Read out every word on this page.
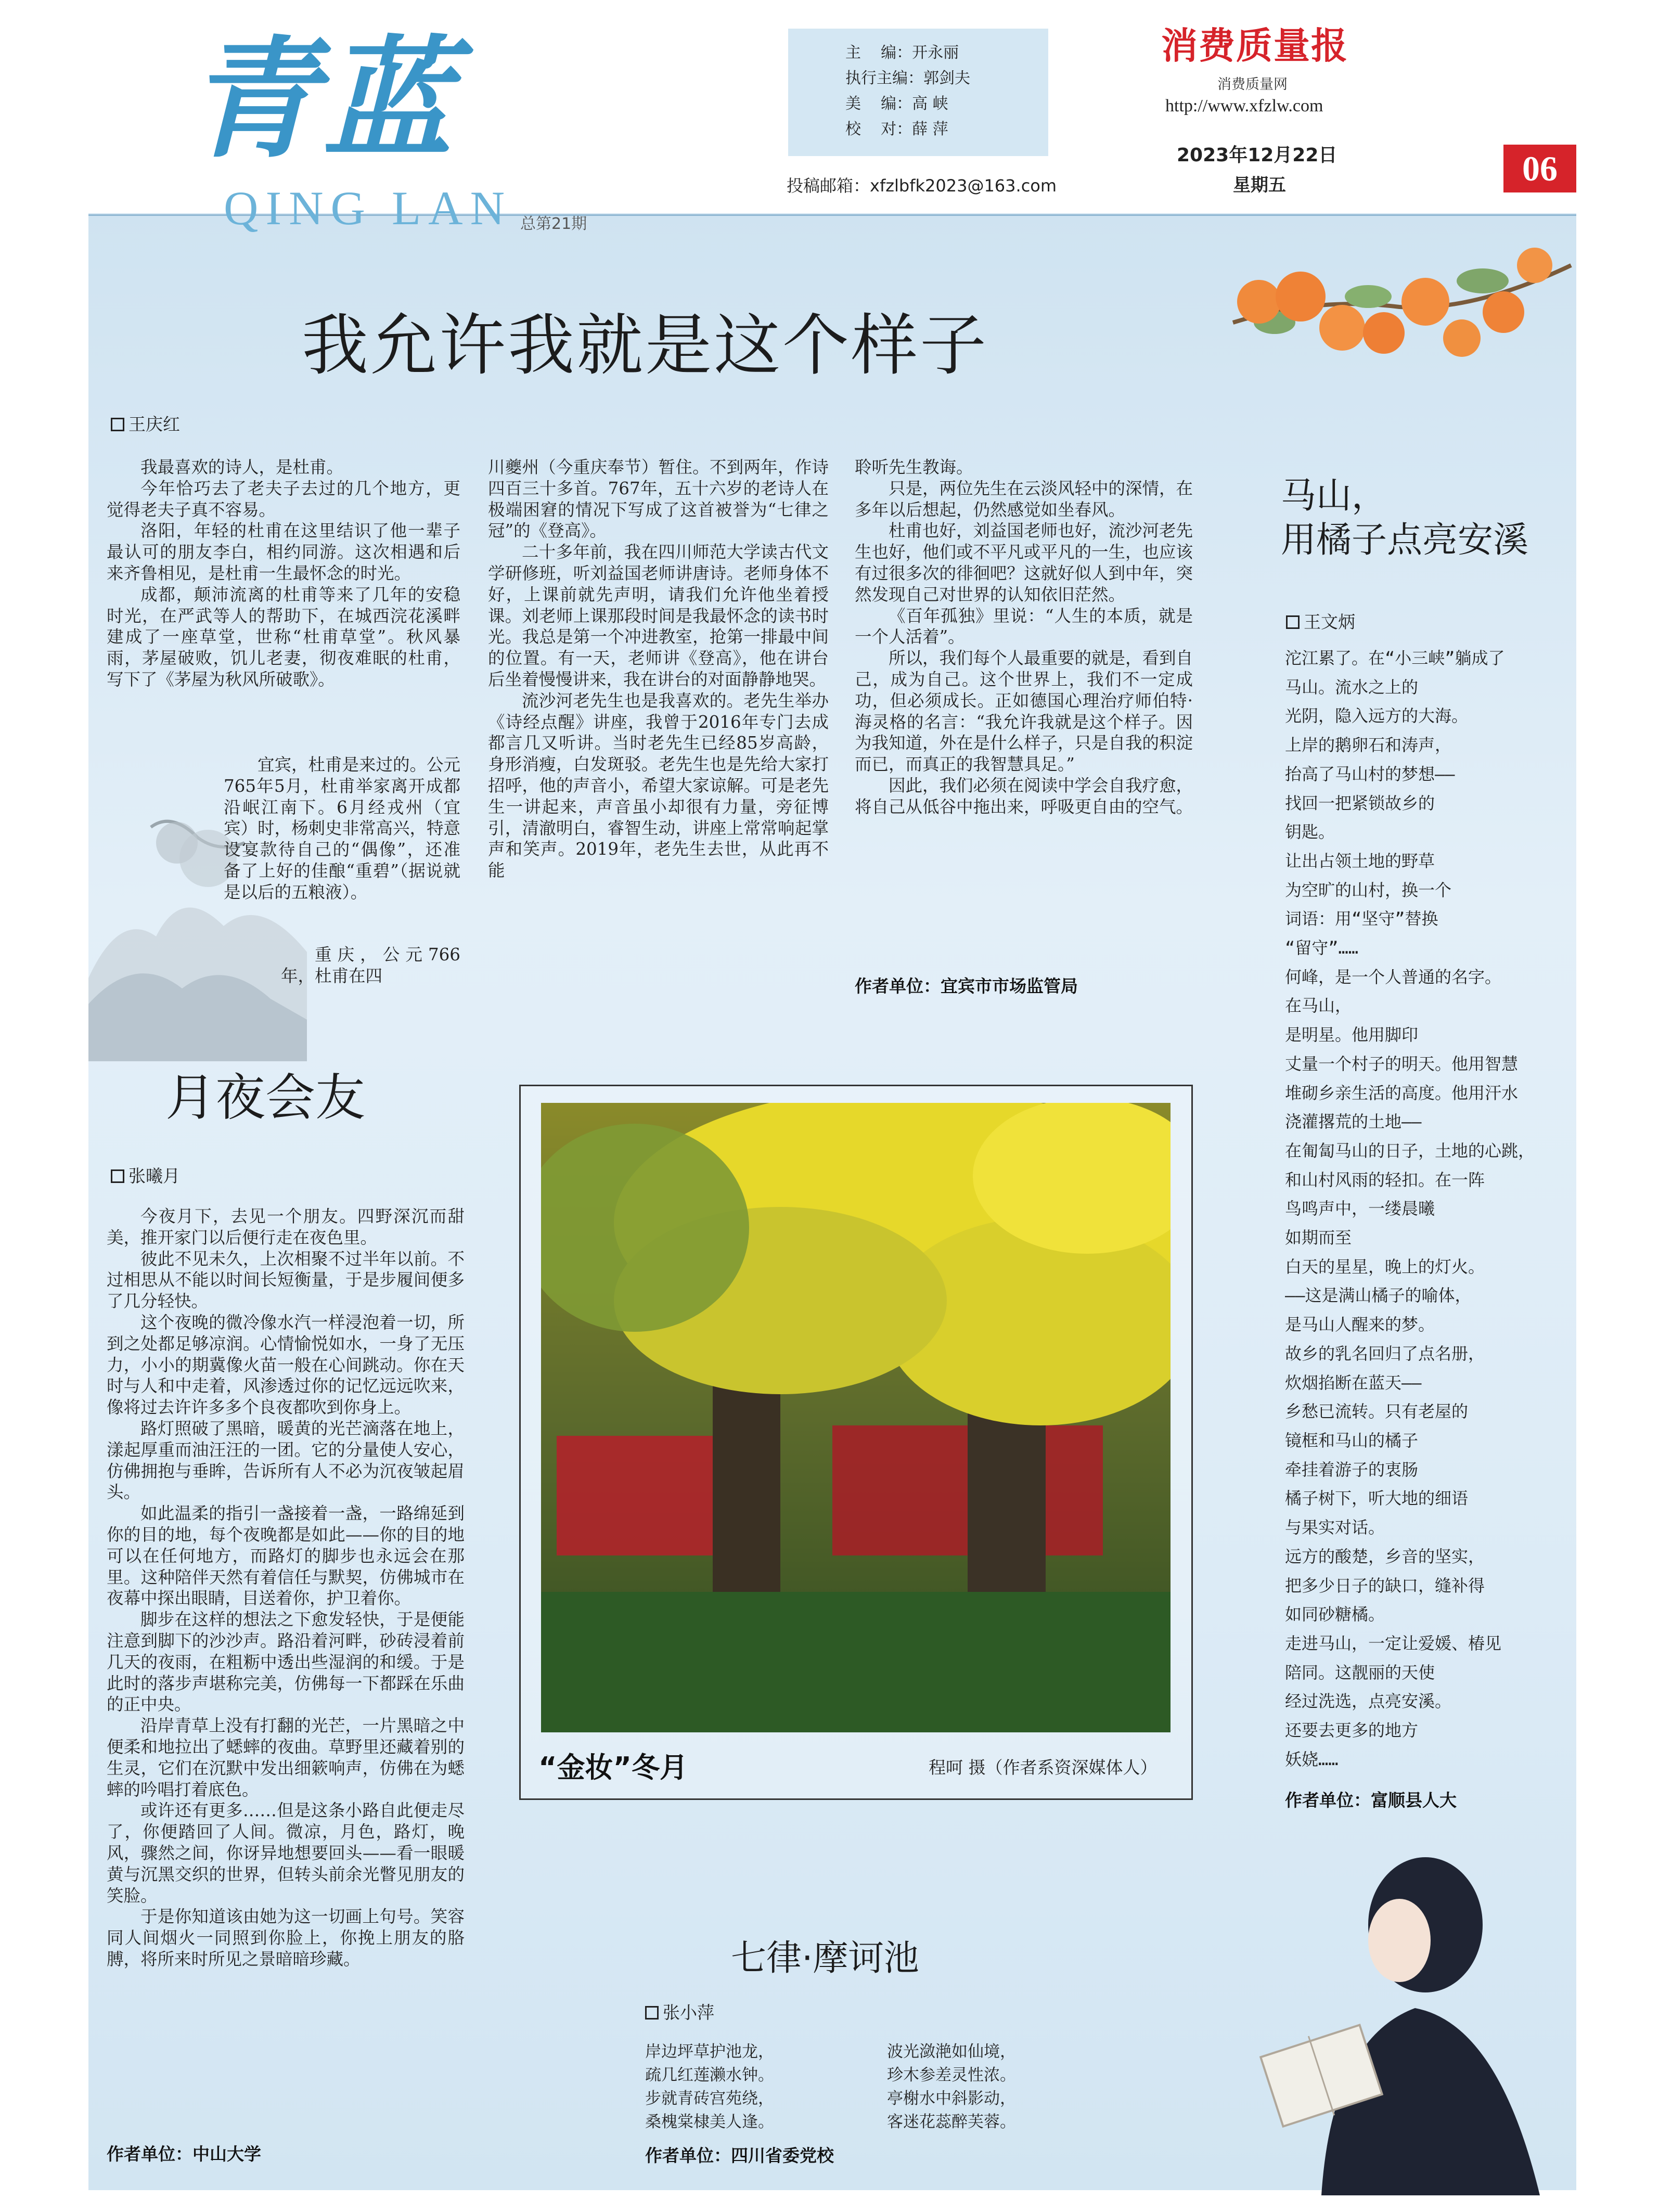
青蓝
QING LAN 总第21期
主    编：开永丽
执行主编：郭剑夫
美    编：高 峡
校    对：薛 萍
投稿邮箱：xfzlbfk2023@163.com
消费质量报
消费质量网
http://www.xfzlw.com
2023年12月22日
星期五	06
我允许我就是这个样子
王庆红

我最喜欢的诗人，是杜甫。

今年恰巧去了老夫子去过的几个地方，更觉得老夫子真不容易。

洛阳，年轻的杜甫在这里结识了他一辈子最认可的朋友李白，相约同游。这次相遇和后来齐鲁相见，是杜甫一生最怀念的时光。

成都，颠沛流离的杜甫等来了几年的安稳时光，在严武等人的帮助下，在城西浣花溪畔建成了一座草堂，世称“杜甫草堂”。秋风暴雨，茅屋破败，饥儿老妻，彻夜难眠的杜甫，写下了《茅屋为秋风所破歌》。

宜宾，杜甫是来过的。公元765年5月，杜甫举家离开成都沿岷江南下。6月经戎州（宜宾）时，杨刺史非常高兴，特意设宴款待自己的“偶像”，还准备了上好的佳酿“重碧”（据说就是以后的五粮液）。

重庆，公元766年，杜甫在四

川夔州（今重庆奉节）暂住。不到两年，作诗四百三十多首。767年，五十六岁的老诗人在极端困窘的情况下写成了这首被誉为“七律之冠”的《登高》。

二十多年前，我在四川师范大学读古代文学研修班，听刘益国老师讲唐诗。老师身体不好，上课前就先声明，请我们允许他坐着授课。刘老师上课那段时间是我最怀念的读书时光。我总是第一个冲进教室，抢第一排最中间的位置。有一天，老师讲《登高》，他在讲台后坐着慢慢讲来，我在讲台的对面静静地哭。

流沙河老先生也是我喜欢的。老先生举办《诗经点醒》讲座，我曾于2016年专门去成都言几又听讲。当时老先生已经85岁高龄，身形消瘦，白发斑驳。老先生也是先给大家打招呼，他的声音小，希望大家谅解。可是老先生一讲起来，声音虽小却很有力量，旁征博引，清澈明白，睿智生动，讲座上常常响起掌声和笑声。2019年，老先生去世，从此再不能

聆听先生教诲。

只是，两位先生在云淡风轻中的深情，在多年以后想起，仍然感觉如坐春风。

杜甫也好，刘益国老师也好，流沙河老先生也好，他们或不平凡或平凡的一生，也应该有过很多次的徘徊吧？这就好似人到中年，突然发现自己对世界的认知依旧茫然。

《百年孤独》里说：“人生的本质，就是一个人活着”。

所以，我们每个人最重要的就是，看到自己，成为自己。这个世界上，我们不一定成功，但必须成长。正如德国心理治疗师伯特·海灵格的名言：“我允许我就是这个样子。因为我知道，外在是什么样子，只是自我的积淀而已，而真正的我智慧具足。”

因此，我们必须在阅读中学会自我疗愈，将自己从低谷中拖出来，呼吸更自由的空气。

作者单位：宜宾市市场监管局
月夜会友
张曦月

今夜月下，去见一个朋友。四野深沉而甜美，推开家门以后便行走在夜色里。

彼此不见未久，上次相聚不过半年以前。不过相思从不能以时间长短衡量，于是步履间便多了几分轻快。

这个夜晚的微冷像水汽一样浸泡着一切，所到之处都足够凉润。心情愉悦如水，一身了无压力，小小的期冀像火苗一般在心间跳动。你在天时与人和中走着，风渗透过你的记忆远远吹来，像将过去许许多多个良夜都吹到你身上。

路灯照破了黑暗，暖黄的光芒滴落在地上，漾起厚重而油汪汪的一团。它的分量使人安心，仿佛拥抱与垂眸，告诉所有人不必为沉夜皱起眉头。

如此温柔的指引一盏接着一盏，一路绵延到你的目的地，每个夜晚都是如此——你的目的地可以在任何地方，而路灯的脚步也永远会在那里。这种陪伴天然有着信任与默契，仿佛城市在夜幕中探出眼睛，目送着你，护卫着你。

脚步在这样的想法之下愈发轻快，于是便能注意到脚下的沙沙声。路沿着河畔，砂砖浸着前几天的夜雨，在粗粝中透出些湿润的和缓。于是此时的落步声堪称完美，仿佛每一下都踩在乐曲的正中央。

沿岸青草上没有打翻的光芒，一片黑暗之中便柔和地拉出了蟋蟀的夜曲。草野里还藏着别的生灵，它们在沉默中发出细簌响声，仿佛在为蟋蟀的吟唱打着底色。

或许还有更多……但是这条小路自此便走尽了，你便踏回了人间。微凉，月色，路灯，晚风，骤然之间，你讶异地想要回头——看一眼暖黄与沉黑交织的世界，但转头前余光瞥见朋友的笑脸。

于是你知道该由她为这一切画上句号。笑容同人间烟火一同照到你脸上，你挽上朋友的胳膊，将所来时所见之景暗暗珍藏。

作者单位：中山大学
“金妆”冬月	程呵 摄（作者系资深媒体人）
马山，
用橘子点亮安溪
王文炳
沱江累了。在“小三峡”躺成了
马山。流水之上的
光阴，隐入远方的大海。
上岸的鹅卵石和涛声，
抬高了马山村的梦想——
找回一把紧锁故乡的
钥匙。
让出占领土地的野草
为空旷的山村，换一个
词语：用“坚守”替换
“留守”……
何峰，是一个人普通的名字。
在马山，
是明星。他用脚印
丈量一个村子的明天。他用智慧
堆砌乡亲生活的高度。他用汗水
浇灌撂荒的土地——
在匍匐马山的日子，土地的心跳，
和山村风雨的轻扣。在一阵
鸟鸣声中，一缕晨曦
如期而至
白天的星星，晚上的灯火。
——这是满山橘子的喻体，
是马山人醒来的梦。
故乡的乳名回归了点名册，
炊烟掐断在蓝天——
乡愁已流转。只有老屋的
镜框和马山的橘子
牵挂着游子的衷肠
橘子树下，听大地的细语
与果实对话。
远方的酸楚，乡音的坚实，
把多少日子的缺口，缝补得
如同砂糖橘。
走进马山，一定让爱媛、椿见
陪同。这靓丽的天使
经过洗选，点亮安溪。
还要去更多的地方
妖娆……
作者单位：富顺县人大
七律·摩诃池
张小萍
岸边坪草护池龙，
疏几红莲濑水钟。
步就青砖宫苑绕，
桑槐棠棣美人逢。
波光潋滟如仙境，
珍木参差灵性浓。
亭榭水中斜影动，
客迷花蕊醉芙蓉。
作者单位：四川省委党校
